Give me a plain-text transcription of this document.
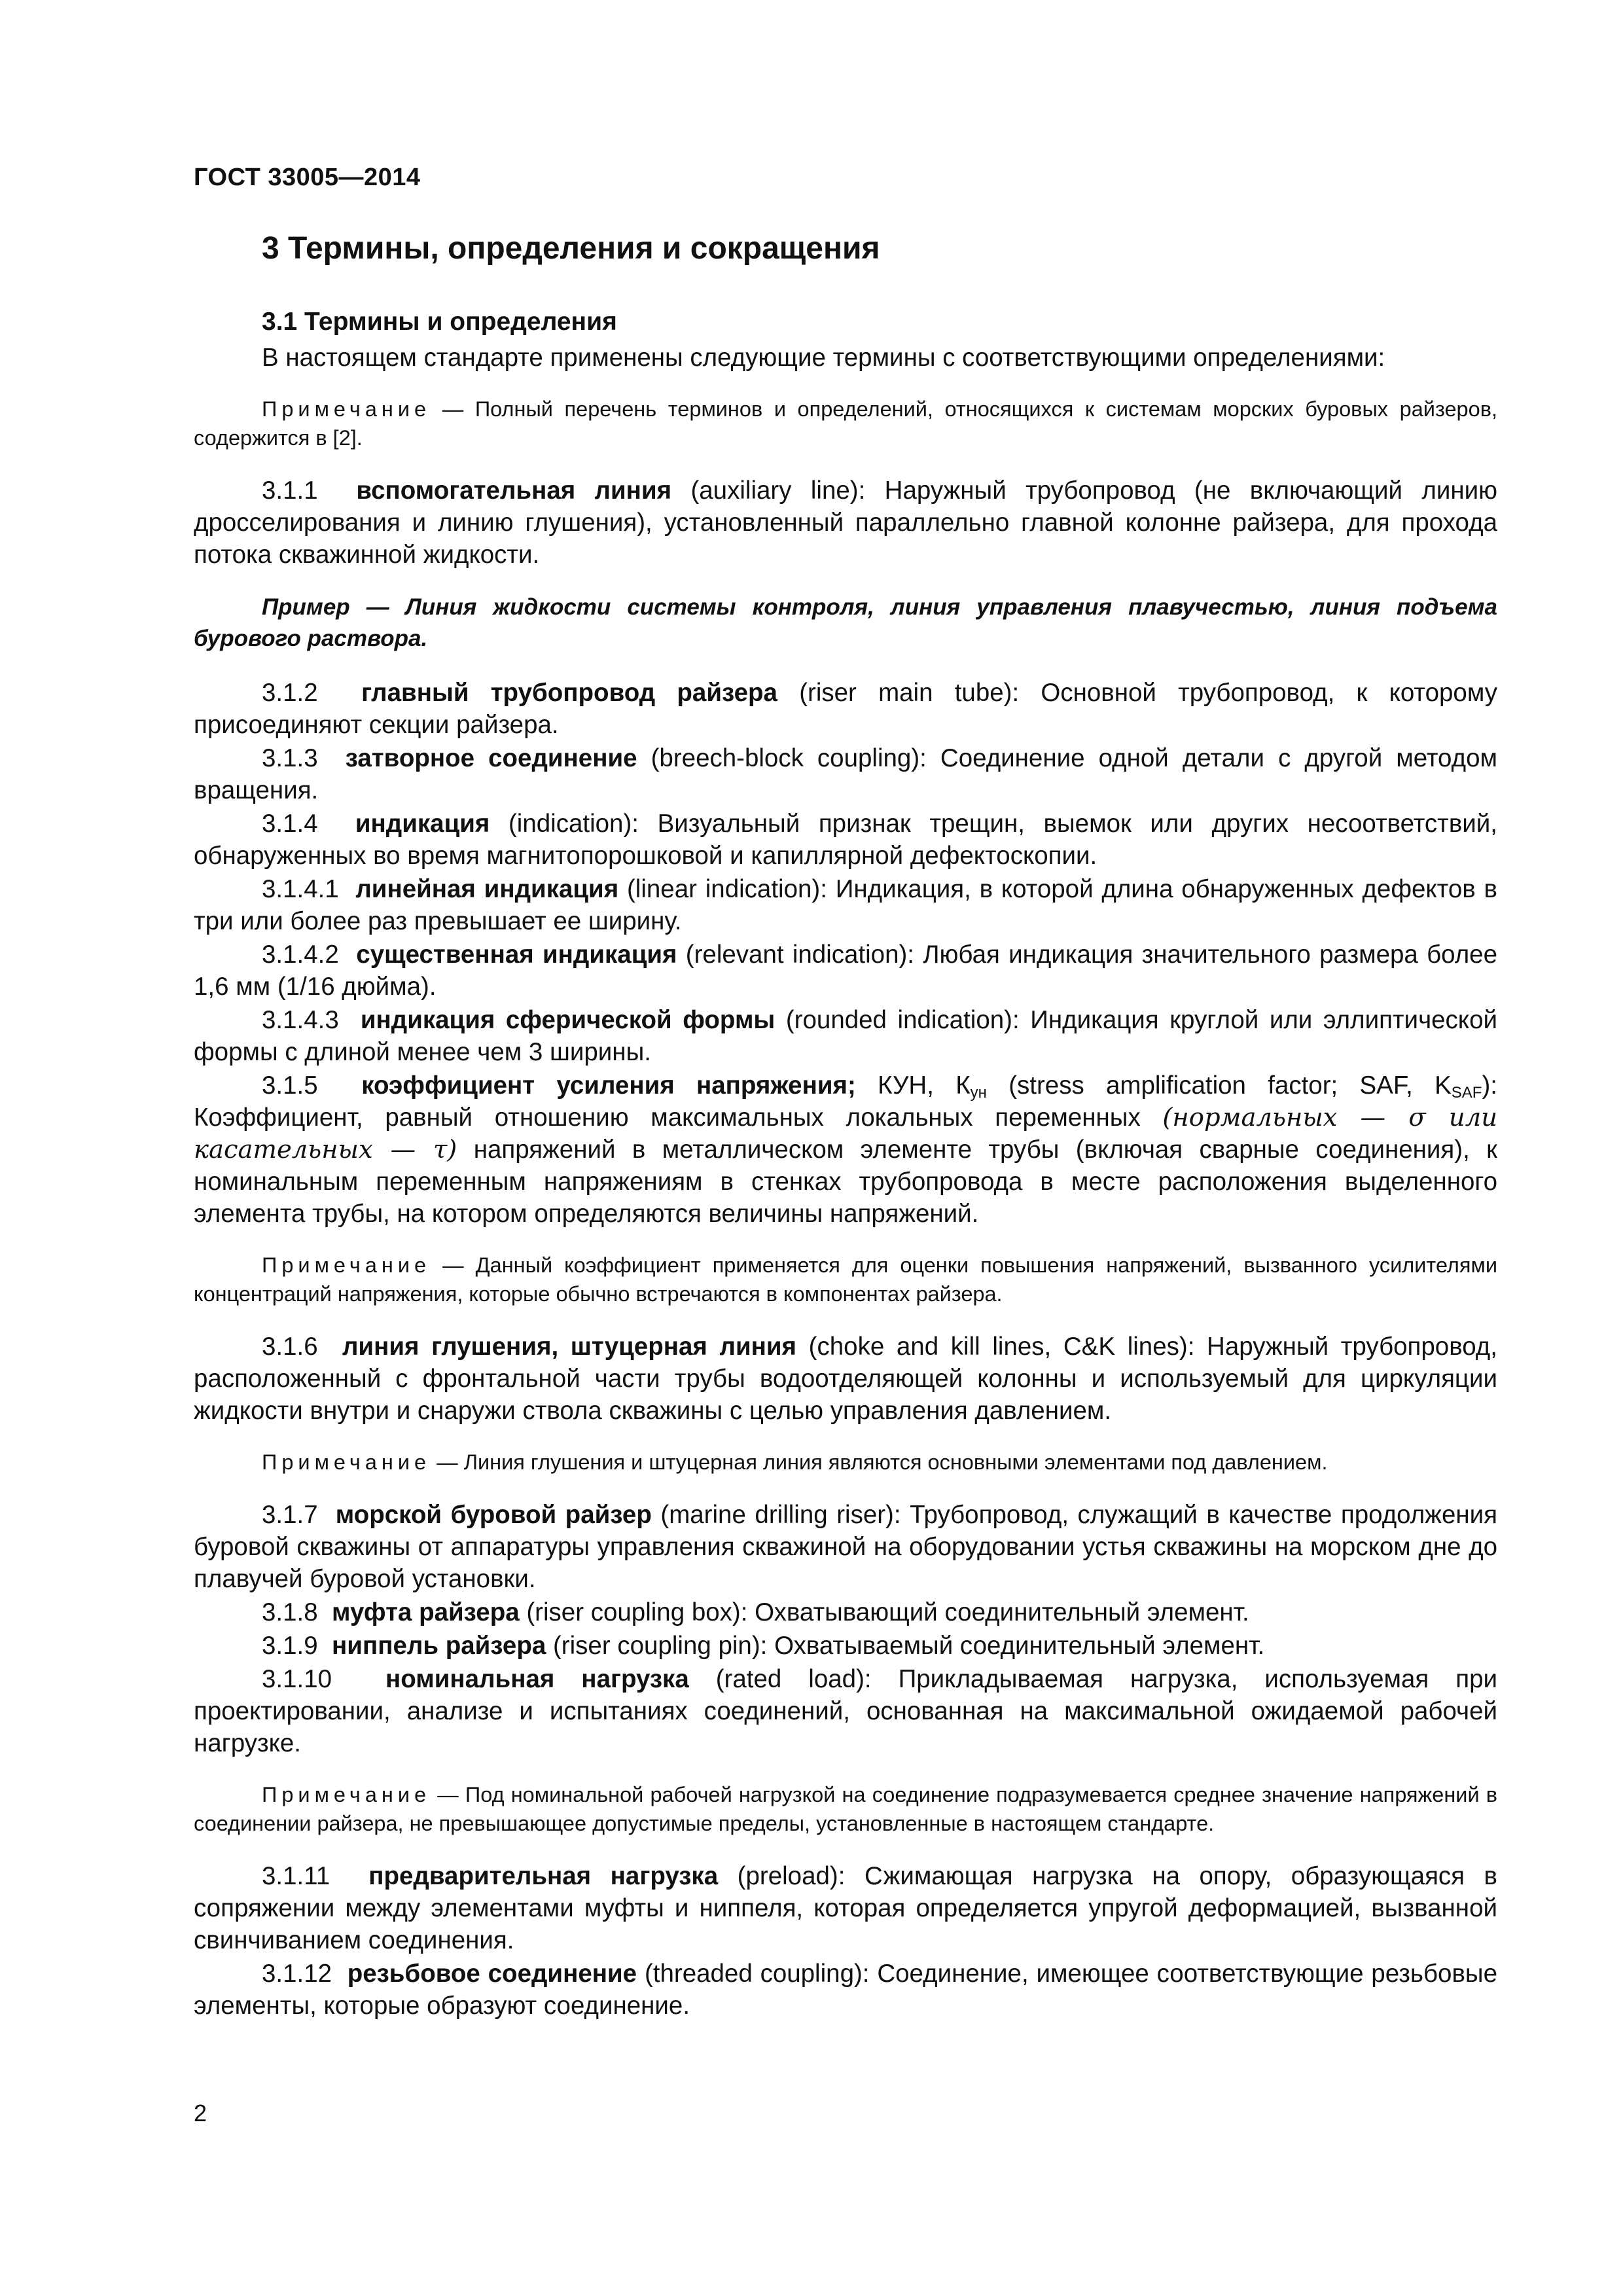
ГОСТ 33005—2014
3 Термины, определения и сокращения
3.1 Термины и определения

В настоящем стандарте применены следующие термины с соответствующими определениями:

Примечание — Полный перечень терминов и определений, относящихся к системам морских буровых райзеров, содержится в [2].

3.1.1 вспомогательная линия (auxiliary line): Наружный трубопровод (не включающий линию дросселирования и линию глушения), установленный параллельно главной колонне райзера, для прохода потока скважинной жидкости.

Пример — Линия жидкости системы контроля, линия управления плавучестью, линия подъема бурового раствора.

3.1.2 главный трубопровод райзера (riser main tube): Основной трубопровод, к которому присоединяют секции райзера.

3.1.3 затворное соединение (breech-block coupling): Соединение одной детали с другой методом вращения.

3.1.4 индикация (indication): Визуальный признак трещин, выемок или других несоответствий, обнаруженных во время магнитопорошковой и капиллярной дефектоскопии.

3.1.4.1 линейная индикация (linear indication): Индикация, в которой длина обнаруженных дефектов в три или более раз превышает ее ширину.

3.1.4.2 существенная индикация (relevant indication): Любая индикация значительного размера более 1,6 мм (1/16 дюйма).

3.1.4.3 индикация сферической формы (rounded indication): Индикация круглой или эллиптической формы с длиной менее чем 3 ширины.

3.1.5 коэффициент усиления напряжения; КУН, $К_{ун}$ (stress amplification factor; SAF, $K_{SAF}$): Коэффициент, равный отношению максимальных локальных переменных (нормальных — σ или касательных — τ) напряжений в металлическом элементе трубы (включая сварные соединения), к номинальным переменным напряжениям в стенках трубопровода в месте расположения выделенного элемента трубы, на котором определяются величины напряжений.

Примечание — Данный коэффициент применяется для оценки повышения напряжений, вызванного усилителями концентраций напряжения, которые обычно встречаются в компонентах райзера.

3.1.6 линия глушения, штуцерная линия (choke and kill lines, C&K lines): Наружный трубопровод, расположенный с фронтальной части трубы водоотделяющей колонны и используемый для циркуляции жидкости внутри и снаружи ствола скважины с целью управления давлением.

Примечание — Линия глушения и штуцерная линия являются основными элементами под давлением.

3.1.7 морской буровой райзер (marine drilling riser): Трубопровод, служащий в качестве продолжения буровой скважины от аппаратуры управления скважиной на оборудовании устья скважины на морском дне до плавучей буровой установки.

3.1.8 муфта райзера (riser coupling box): Охватывающий соединительный элемент.

3.1.9 ниппель райзера (riser coupling pin): Охватываемый соединительный элемент.

3.1.10 номинальная нагрузка (rated load): Прикладываемая нагрузка, используемая при проектировании, анализе и испытаниях соединений, основанная на максимальной ожидаемой рабочей нагрузке.

Примечание — Под номинальной рабочей нагрузкой на соединение подразумевается среднее значение напряжений в соединении райзера, не превышающее допустимые пределы, установленные в настоящем стандарте.

3.1.11 предварительная нагрузка (preload): Сжимающая нагрузка на опору, образующаяся в сопряжении между элементами муфты и ниппеля, которая определяется упругой деформацией, вызванной свинчиванием соединения.

3.1.12 резьбовое соединение (threaded coupling): Соединение, имеющее соответствующие резьбовые элементы, которые образуют соединение.

2
